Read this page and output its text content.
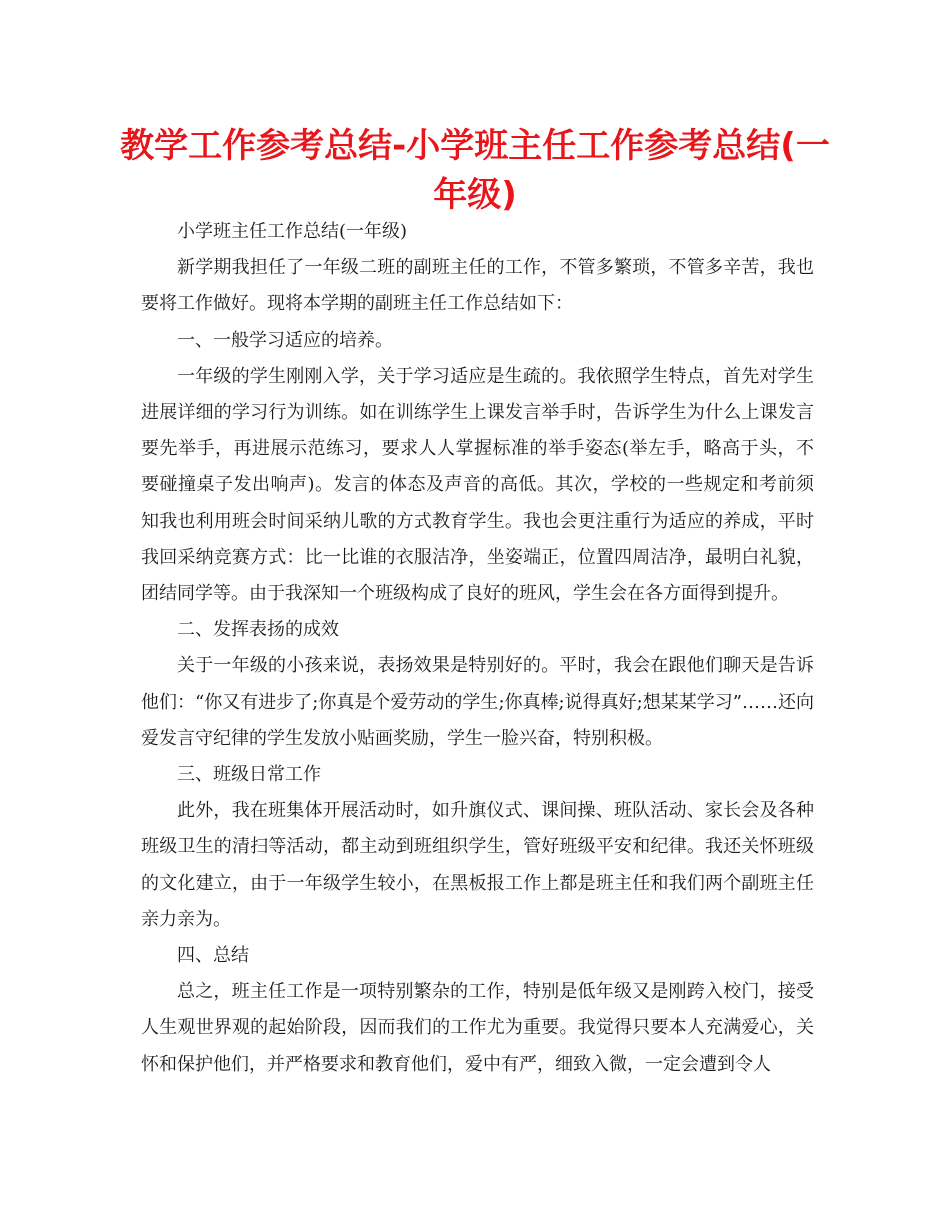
教学工作参考总结-小学班主任工作参考总结(一年级)

小学班主任工作总结(一年级)

新学期我担任了一年级二班的副班主任的工作，不管多繁琐，不管多辛苦，我也要将工作做好。现将本学期的副班主任工作总结如下：

一、一般学习适应的培养。

一年级的学生刚刚入学，关于学习适应是生疏的。我依照学生特点，首先对学生进展详细的学习行为训练。如在训练学生上课发言举手时，告诉学生为什么上课发言要先举手，再进展示范练习，要求人人掌握标准的举手姿态(举左手，略高于头，不要碰撞桌子发出响声)。发言的体态及声音的高低。其次，学校的一些规定和考前须知我也利用班会时间采纳儿歌的方式教育学生。我也会更注重行为适应的养成，平时我回采纳竞赛方式：比一比谁的衣服洁净，坐姿端正，位置四周洁净，最明白礼貌，团结同学等。由于我深知一个班级构成了良好的班风，学生会在各方面得到提升。

二、发挥表扬的成效

关于一年级的小孩来说，表扬效果是特别好的。平时，我会在跟他们聊天是告诉他们：“你又有进步了;你真是个爱劳动的学生;你真棒;说得真好;想某某学习”……还向爱发言守纪律的学生发放小贴画奖励，学生一脸兴奋，特别积极。

三、班级日常工作

此外，我在班集体开展活动时，如升旗仪式、课间操、班队活动、家长会及各种班级卫生的清扫等活动，都主动到班组织学生，管好班级平安和纪律。我还关怀班级的文化建立，由于一年级学生较小，在黑板报工作上都是班主任和我们两个副班主任亲力亲为。

四、总结

总之，班主任工作是一项特别繁杂的工作，特别是低年级又是刚跨入校门，接受人生观世界观的起始阶段，因而我们的工作尤为重要。我觉得只要本人充满爱心，关怀和保护他们，并严格要求和教育他们，爱中有严，细致入微，一定会遭到令人
